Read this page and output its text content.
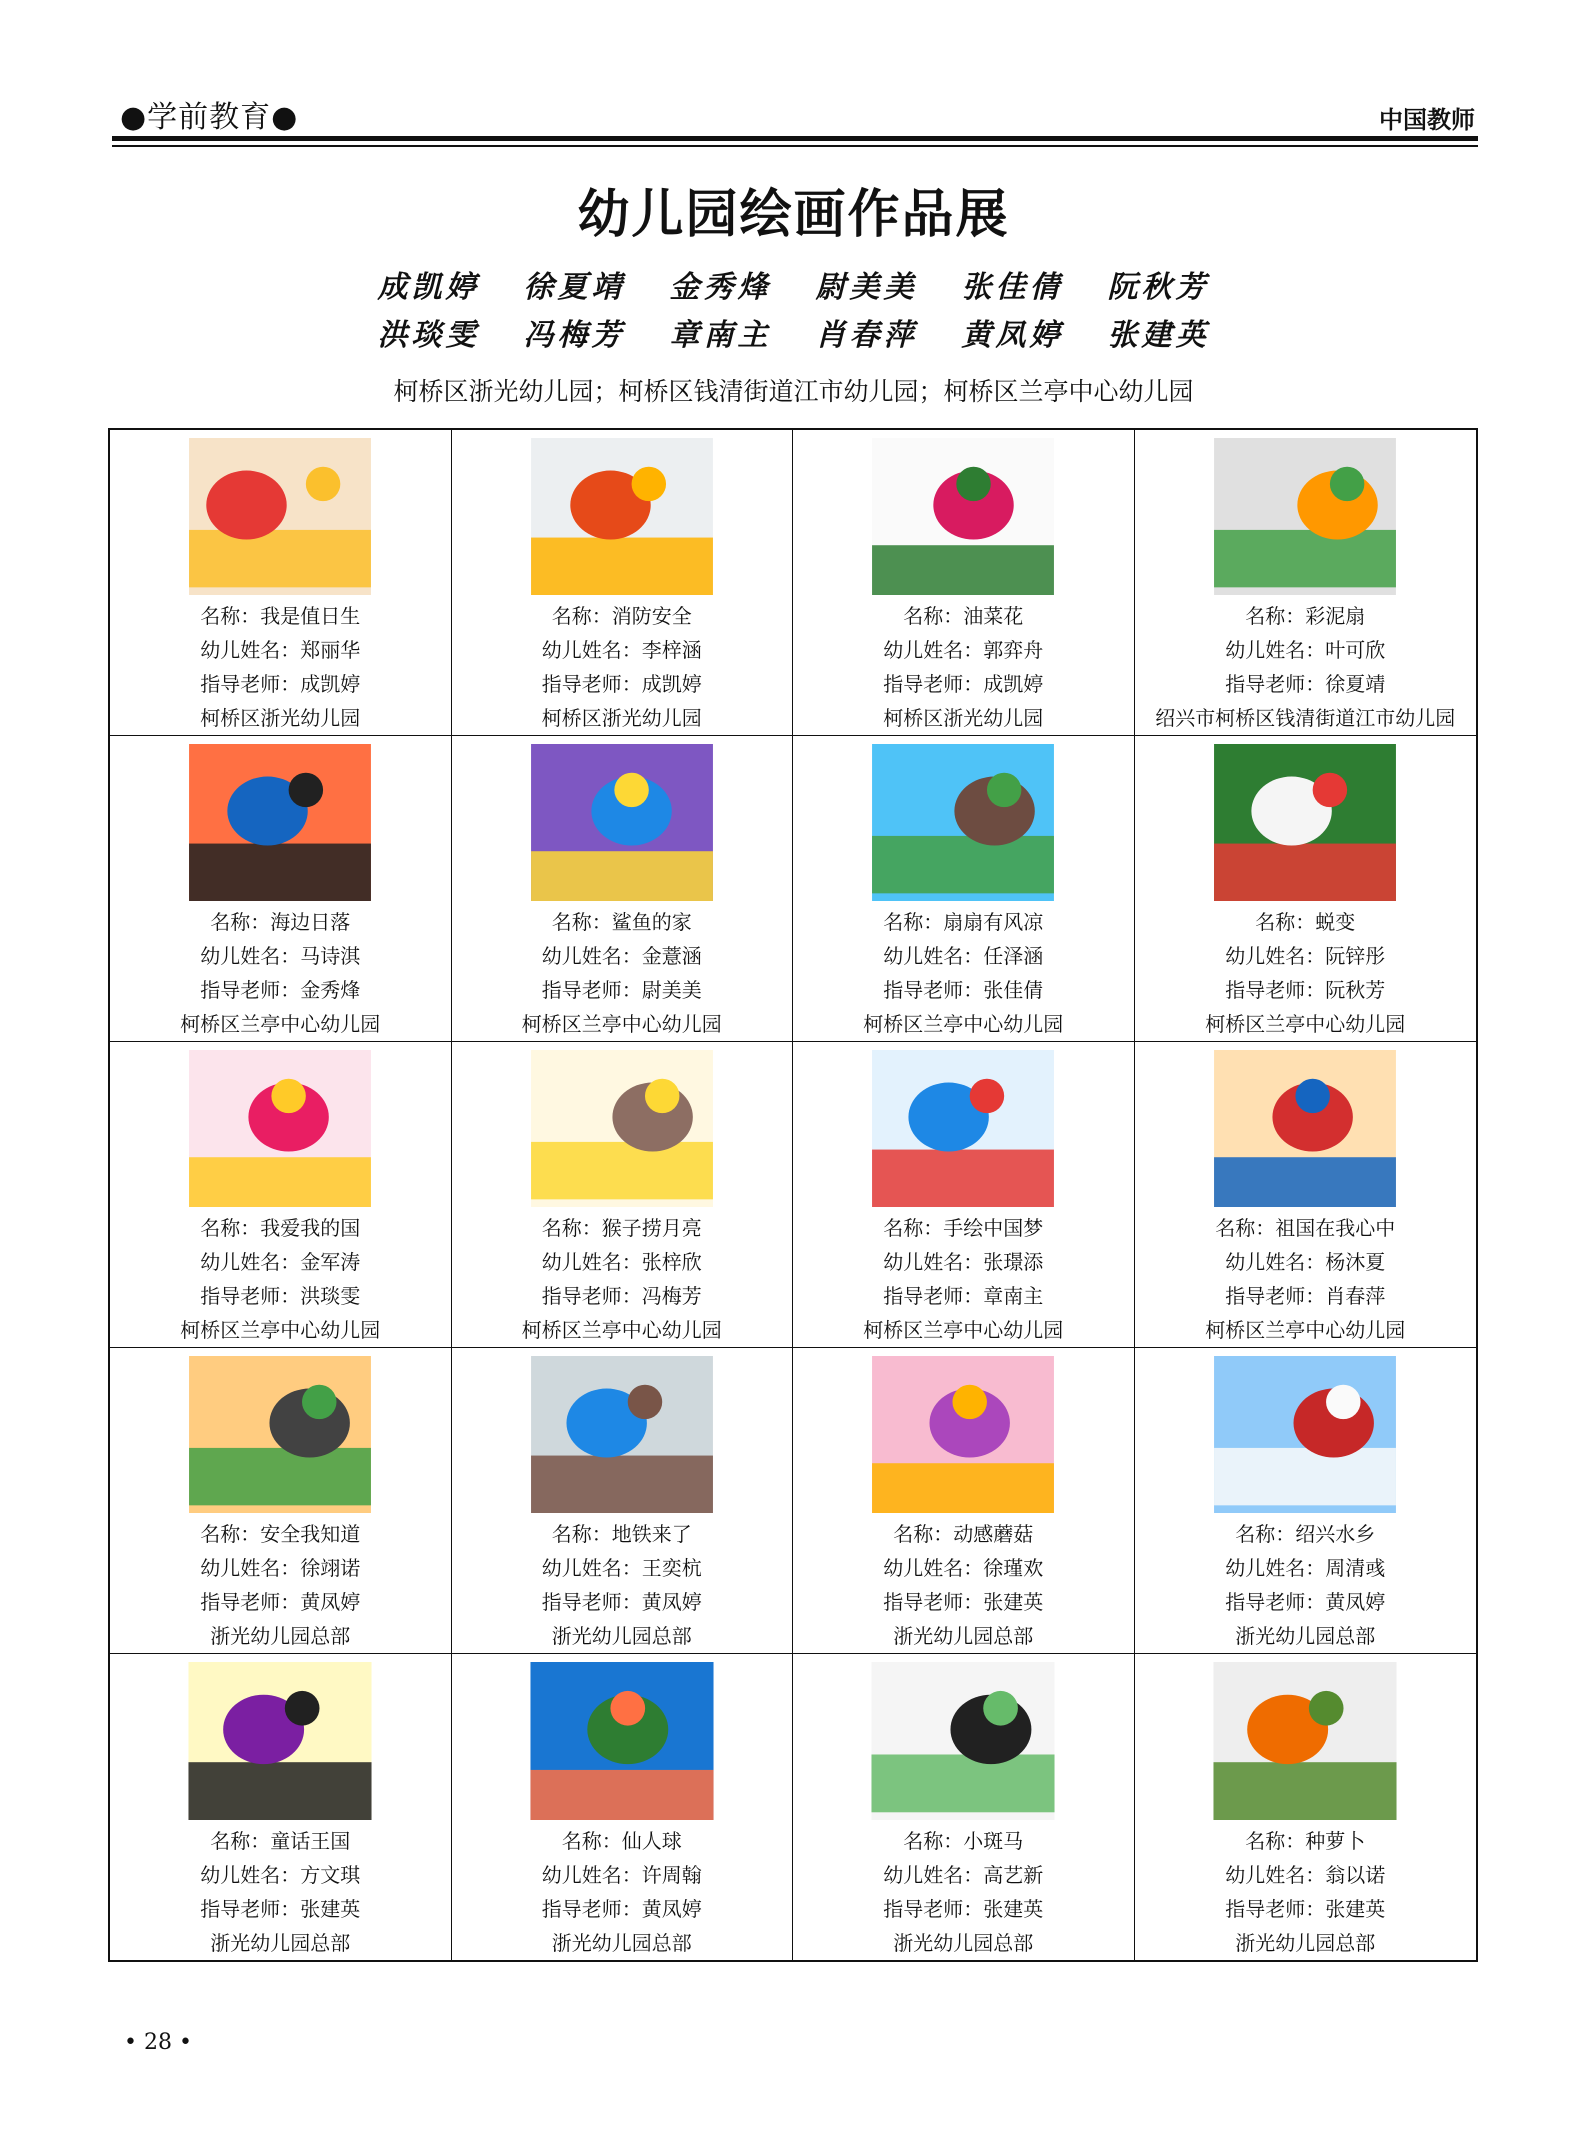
●学前教育●	中国教师
幼儿园绘画作品展
成凯婷 徐夏靖 金秀烽 尉美美 张佳倩 阮秋芳
洪琰雯 冯梅芳 章南主 肖春萍 黄凤婷 张建英
柯桥区浙光幼儿园；柯桥区钱清街道江市幼儿园；柯桥区兰亭中心幼儿园
名称：我是值日生
幼儿姓名：郑丽华
指导老师：成凯婷
柯桥区浙光幼儿园
名称：消防安全
幼儿姓名：李梓涵
指导老师：成凯婷
柯桥区浙光幼儿园
名称：油菜花
幼儿姓名：郭弈舟
指导老师：成凯婷
柯桥区浙光幼儿园
名称：彩泥扇
幼儿姓名：叶可欣
指导老师：徐夏靖
绍兴市柯桥区钱清街道江市幼儿园
名称：海边日落
幼儿姓名：马诗淇
指导老师：金秀烽
柯桥区兰亭中心幼儿园
名称：鲨鱼的家
幼儿姓名：金薏涵
指导老师：尉美美
柯桥区兰亭中心幼儿园
名称：扇扇有风凉
幼儿姓名：任泽涵
指导老师：张佳倩
柯桥区兰亭中心幼儿园
名称：蜕变
幼儿姓名：阮锌彤
指导老师：阮秋芳
柯桥区兰亭中心幼儿园
名称：我爱我的国
幼儿姓名：金军涛
指导老师：洪琰雯
柯桥区兰亭中心幼儿园
名称：猴子捞月亮
幼儿姓名：张梓欣
指导老师：冯梅芳
柯桥区兰亭中心幼儿园
名称：手绘中国梦
幼儿姓名：张璟添
指导老师：章南主
柯桥区兰亭中心幼儿园
名称：祖国在我心中
幼儿姓名：杨沐夏
指导老师：肖春萍
柯桥区兰亭中心幼儿园
名称：安全我知道
幼儿姓名：徐翊诺
指导老师：黄凤婷
浙光幼儿园总部
名称：地铁来了
幼儿姓名：王奕杭
指导老师：黄凤婷
浙光幼儿园总部
名称：动感蘑菇
幼儿姓名：徐瑾欢
指导老师：张建英
浙光幼儿园总部
名称：绍兴水乡
幼儿姓名：周清彧
指导老师：黄凤婷
浙光幼儿园总部
名称：童话王国
幼儿姓名：方文琪
指导老师：张建英
浙光幼儿园总部
名称：仙人球
幼儿姓名：许周翰
指导老师：黄凤婷
浙光幼儿园总部
名称：小斑马
幼儿姓名：高艺新
指导老师：张建英
浙光幼儿园总部
名称：种萝卜
幼儿姓名：翁以诺
指导老师：张建英
浙光幼儿园总部
• 28 •
